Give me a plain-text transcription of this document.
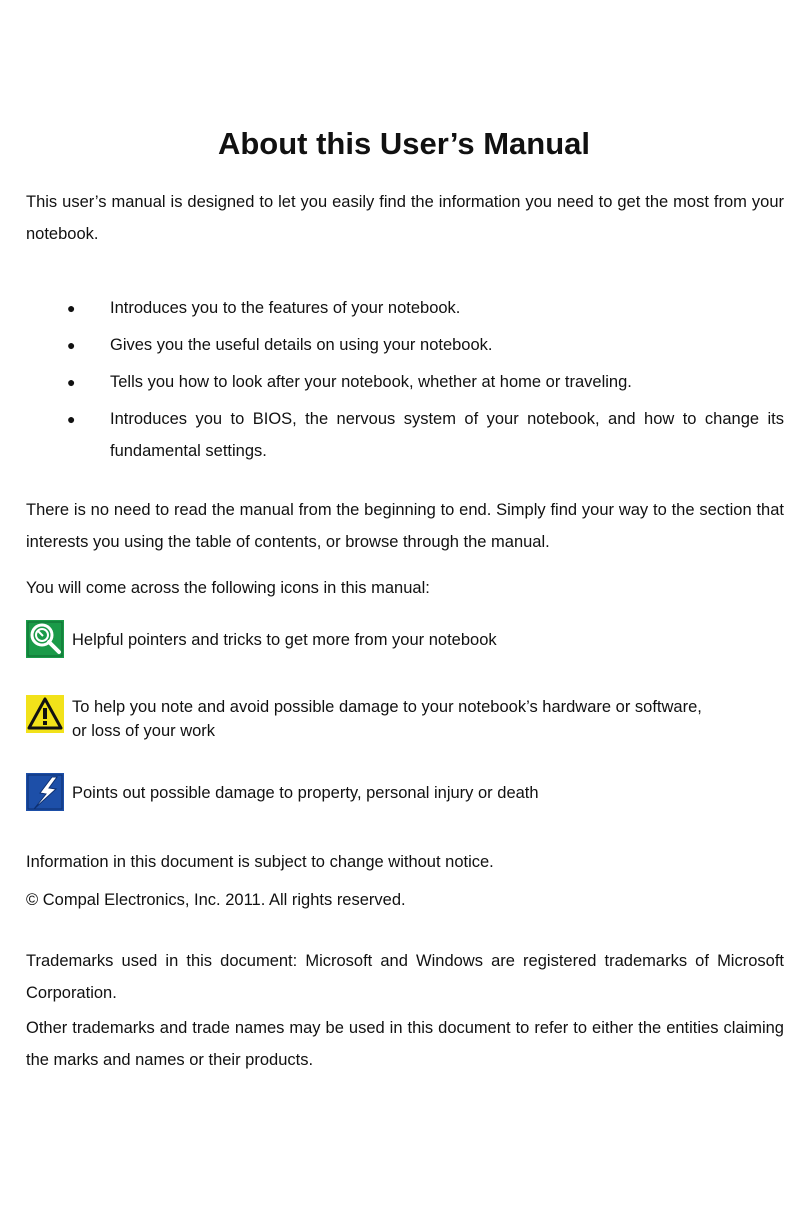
About this User’s Manual

This user’s manual is designed to let you easily find the information you need to get the most from your notebook.

● Introduces you to the features of your notebook.
● Gives you the useful details on using your notebook.
● Tells you how to look after your notebook, whether at home or traveling.
● Introduces you to BIOS, the nervous system of your notebook, and how to change its fundamental settings.

There is no need to read the manual from the beginning to end. Simply find your way to the section that interests you using the table of contents, or browse through the manual.

You will come across the following icons in this manual:

Helpful pointers and tricks to get more from your notebook
To help you note and avoid possible damage to your notebook’s hardware or software,
or loss of your work
Points out possible damage to property, personal injury or death

Information in this document is subject to change without notice.

© Compal Electronics, Inc. 2011. All rights reserved.

Trademarks used in this document: Microsoft and Windows are registered trademarks of Microsoft Corporation.

Other trademarks and trade names may be used in this document to refer to either the entities claiming the marks and names or their products.
